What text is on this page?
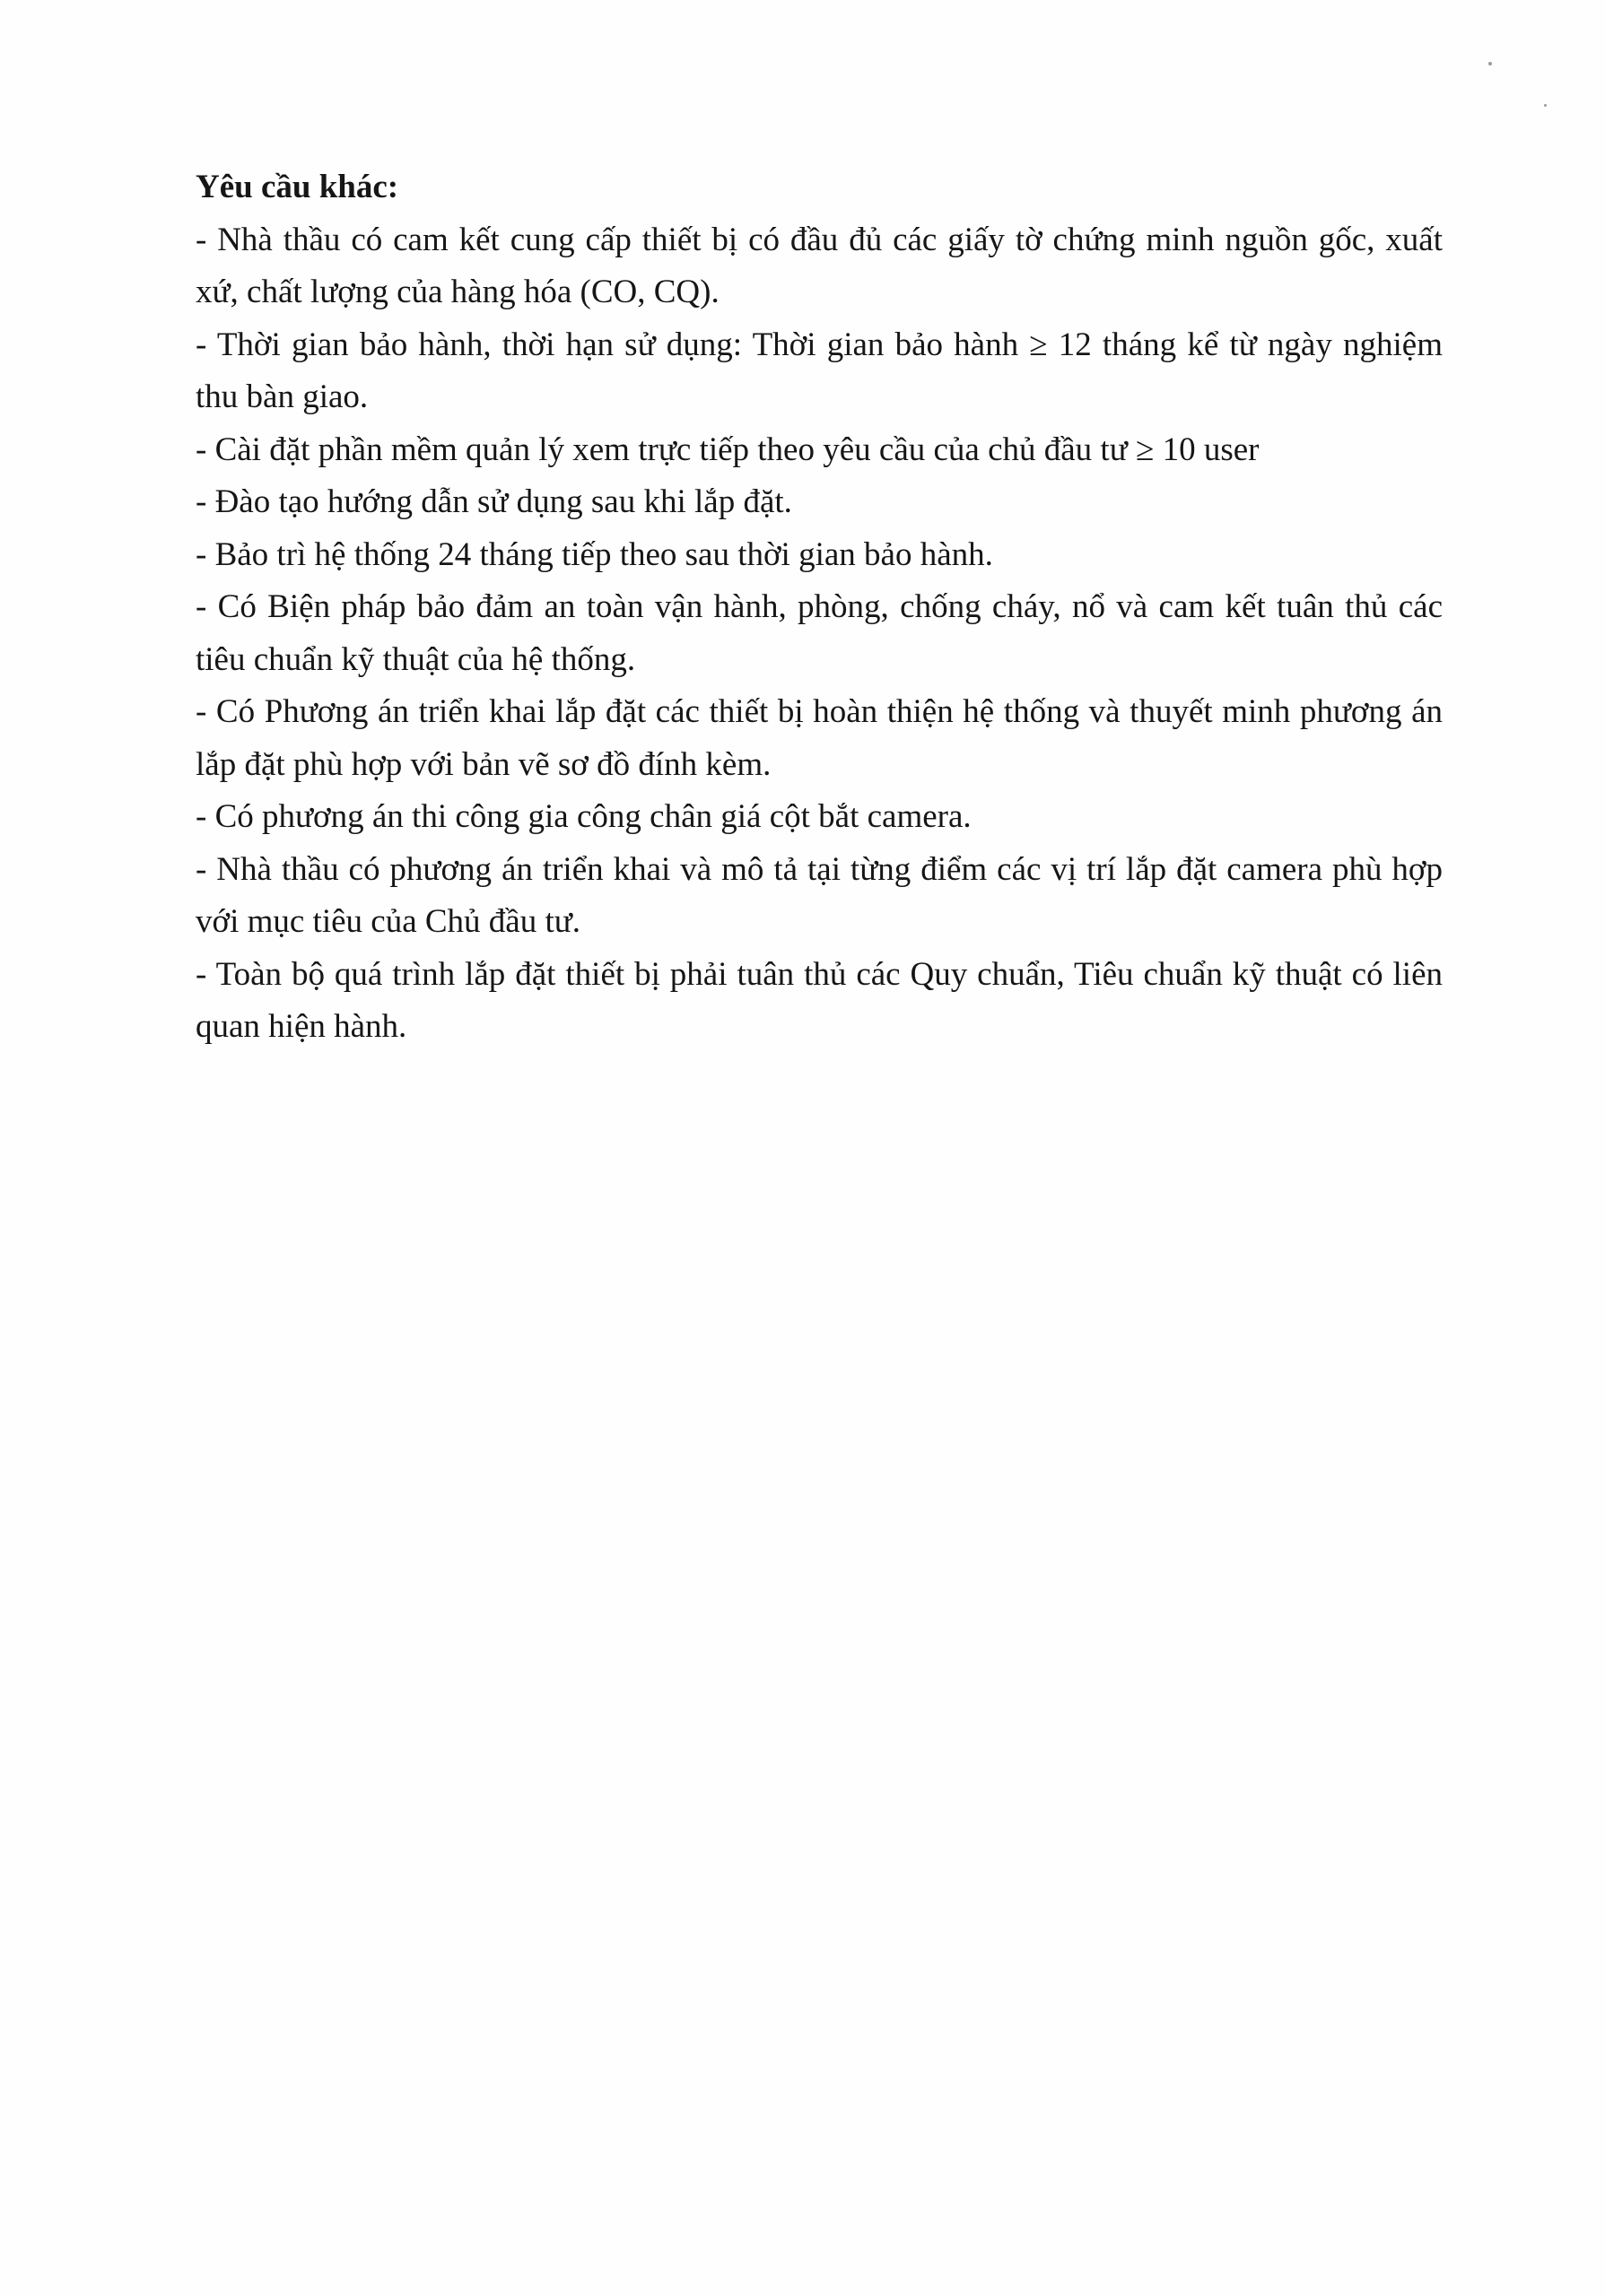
Yêu cầu khác:

- Nhà thầu có cam kết cung cấp thiết bị có đầu đủ các giấy tờ chứng minh nguồn gốc, xuất xứ, chất lượng của hàng hóa (CO, CQ).

- Thời gian bảo hành, thời hạn sử dụng: Thời gian bảo hành ≥ 12 tháng kể từ ngày nghiệm thu bàn giao.

- Cài đặt phần mềm quản lý xem trực tiếp theo yêu cầu của chủ đầu tư ≥ 10 user

- Đào tạo hướng dẫn sử dụng sau khi lắp đặt.

- Bảo trì hệ thống 24 tháng tiếp theo sau thời gian bảo hành.

- Có Biện pháp bảo đảm an toàn vận hành, phòng, chống cháy, nổ và cam kết tuân thủ các tiêu chuẩn kỹ thuật của hệ thống.

- Có Phương án triển khai lắp đặt các thiết bị hoàn thiện hệ thống và thuyết minh phương án lắp đặt phù hợp với bản vẽ sơ đồ đính kèm.

- Có phương án thi công gia công chân giá cột bắt camera.

- Nhà thầu có phương án triển khai và mô tả tại từng điểm các vị trí lắp đặt camera phù hợp với mục tiêu của Chủ đầu tư.

- Toàn bộ quá trình lắp đặt thiết bị phải tuân thủ các Quy chuẩn, Tiêu chuẩn kỹ thuật có liên quan hiện hành.
